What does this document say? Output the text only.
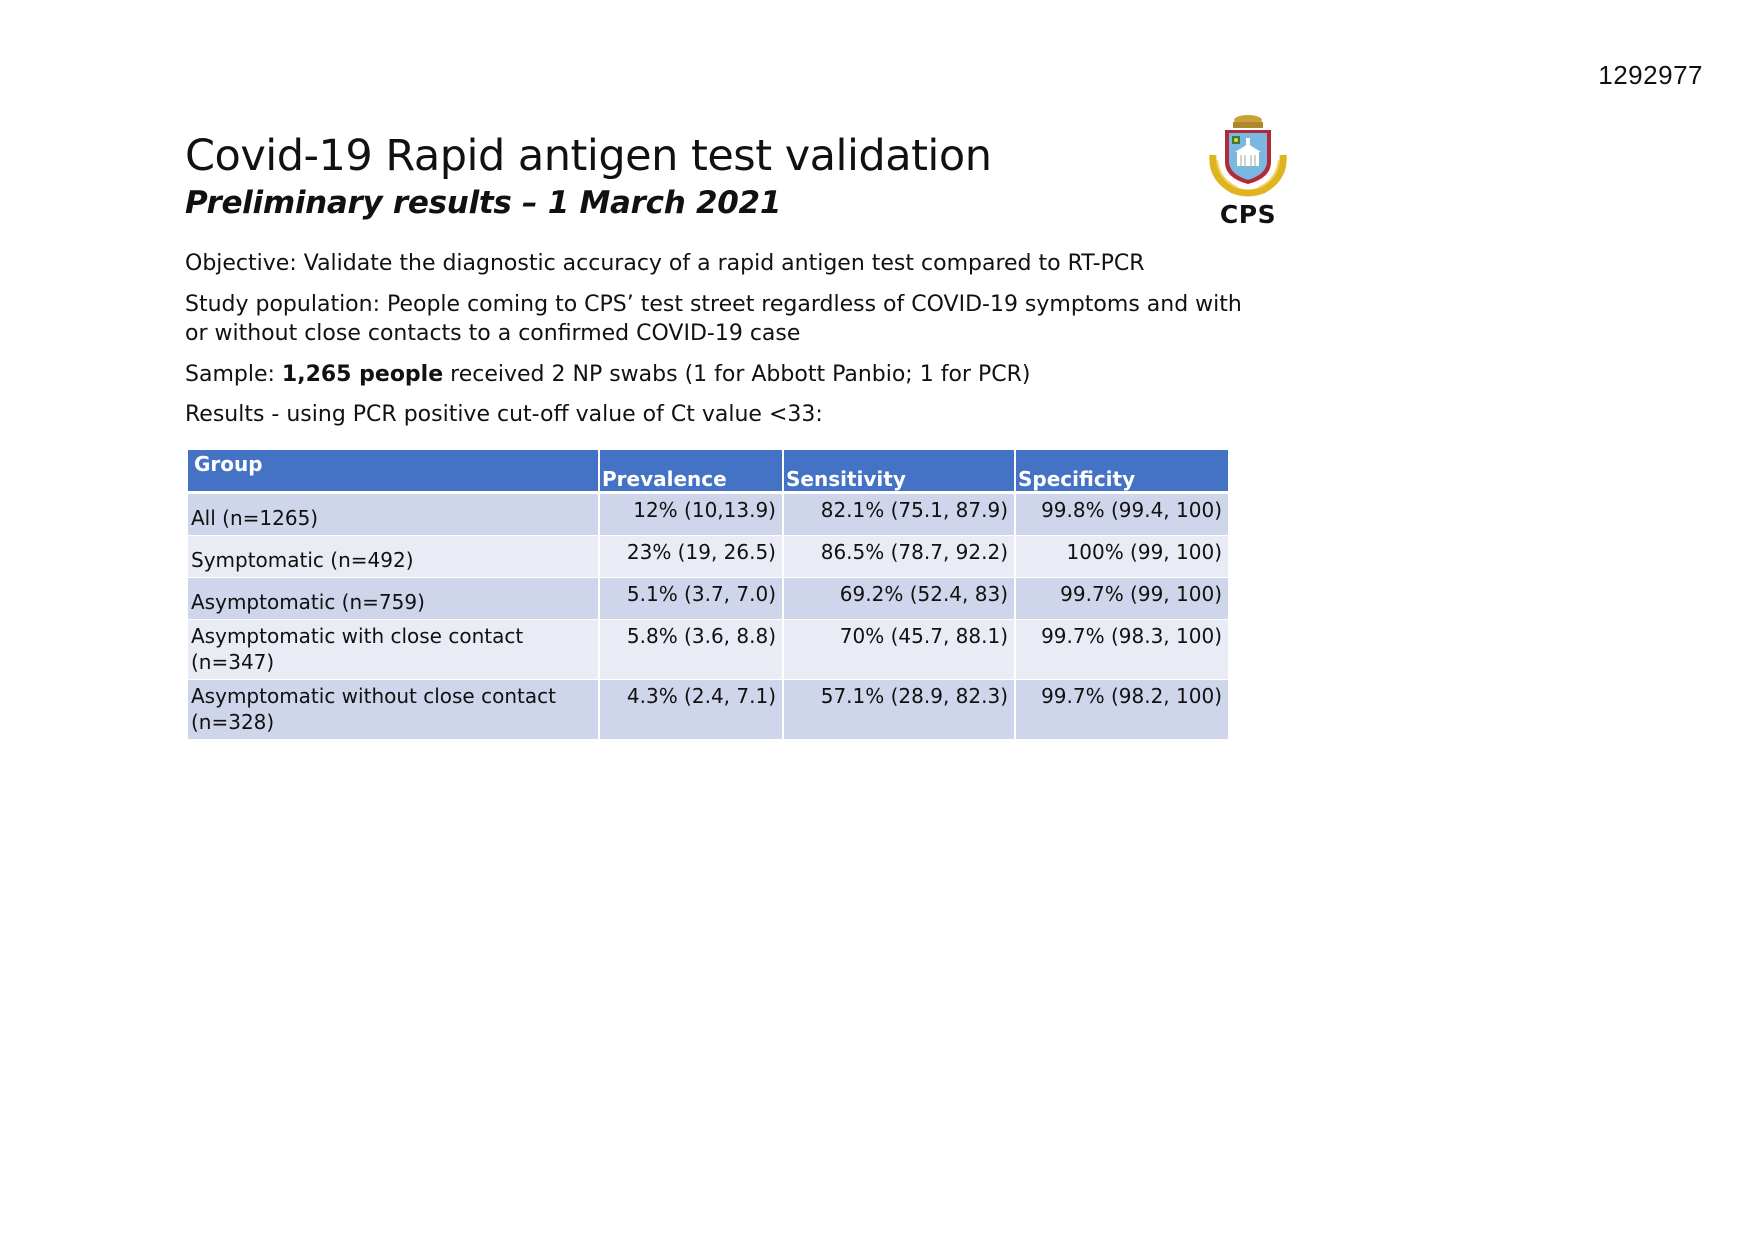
1292977
Covid-19 Rapid antigen test validation
Preliminary results – 1 March 2021	CPS

Objective: Validate the diagnostic accuracy of a rapid antigen test compared to RT-PCR

Study population: People coming to CPS’ test street regardless of COVID-19 symptoms and with or without close contacts to a confirmed COVID-19 case

Sample: 1,265 people received 2 NP swabs (1 for Abbott Panbio; 1 for PCR)

Results - using PCR positive cut-off value of Ct value <33:

Group	Prevalence	Sensitivity	Specificity
All (n=1265)	12% (10,13.9)	82.1% (75.1, 87.9)	99.8% (99.4, 100)
Symptomatic (n=492)	23% (19, 26.5)	86.5% (78.7, 92.2)	100% (99, 100)
Asymptomatic (n=759)	5.1% (3.7, 7.0)	69.2% (52.4, 83)	99.7% (99, 100)
Asymptomatic with close contact (n=347)	5.8% (3.6, 8.8)	70% (45.7, 88.1)	99.7% (98.3, 100)

Asymptomatic without close contact
(n=328)	4.3% (2.4, 7.1)	57.1% (28.9, 82.3)	99.7% (98.2, 100)
